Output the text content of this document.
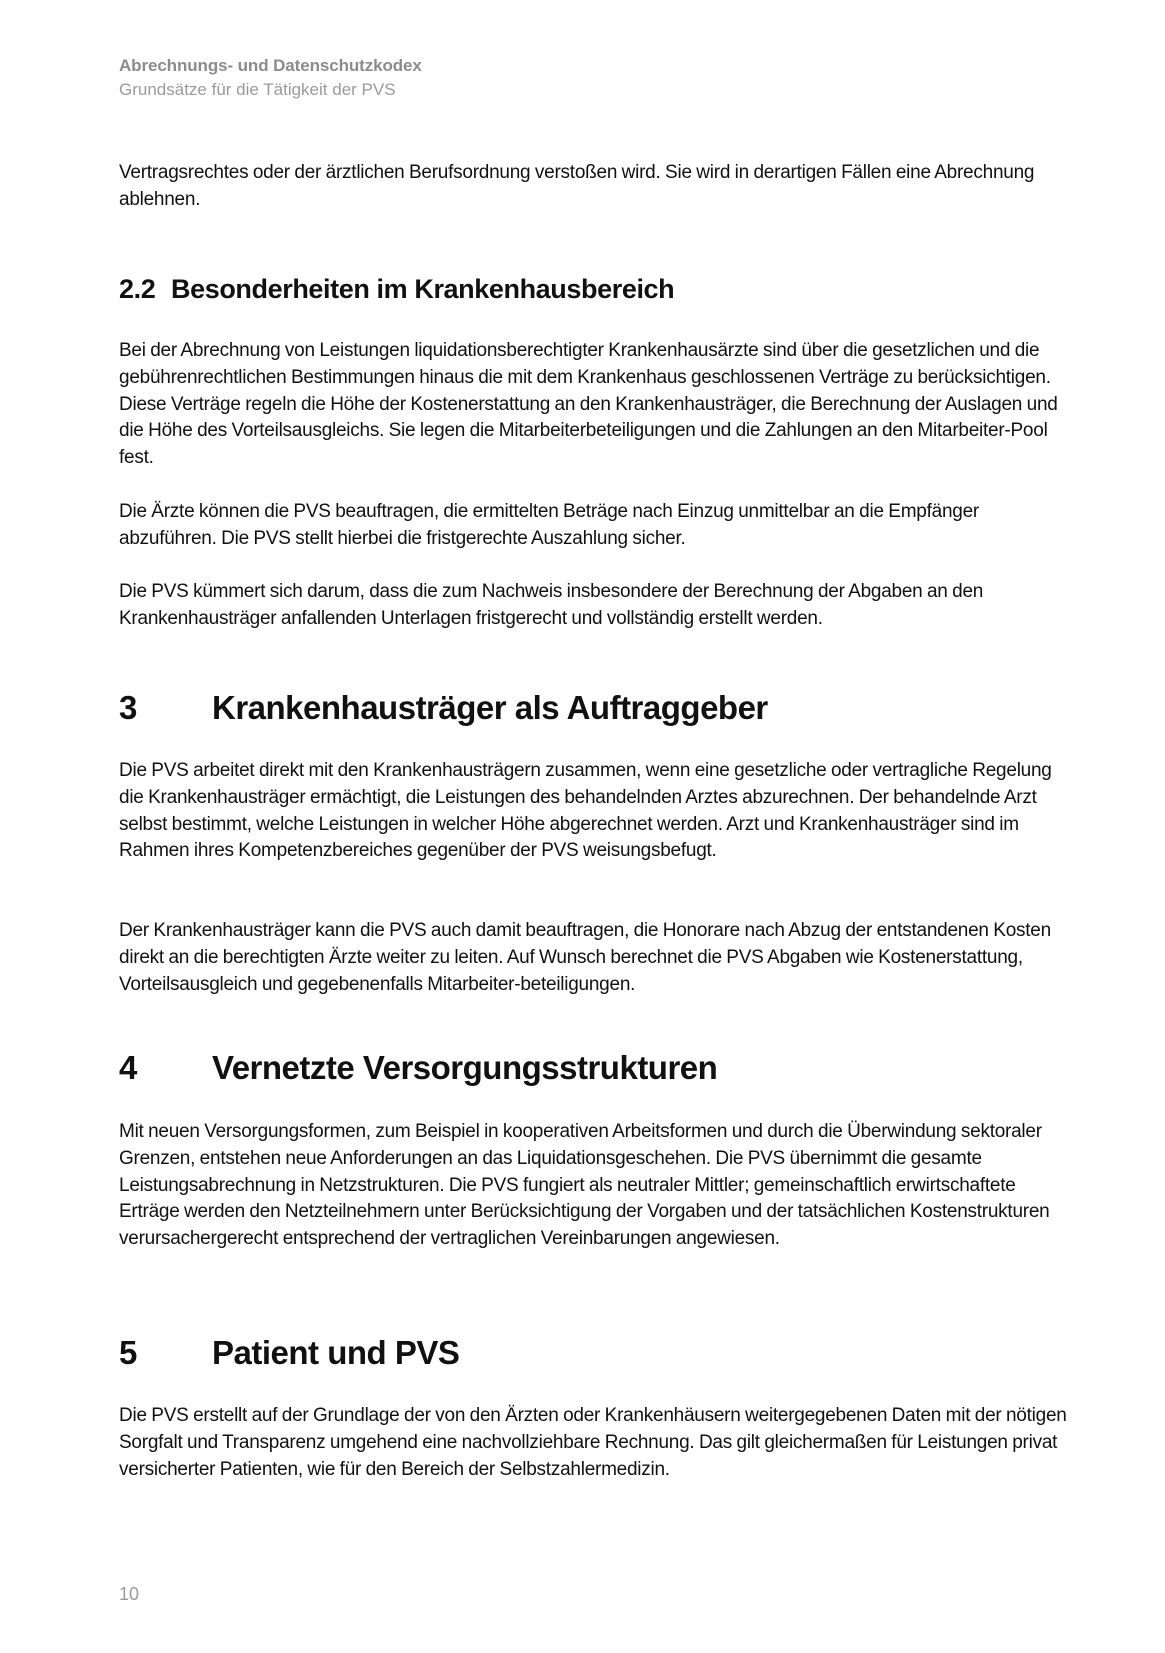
Abrechnungs- und Datenschutzkodex
Grundsätze für die Tätigkeit der PVS

Vertragsrechtes oder der ärztlichen Berufsordnung verstoßen wird. Sie wird in derartigen Fällen eine Abrechnung ablehnen.

2.2 Besonderheiten im Krankenhausbereich

Bei der Abrechnung von Leistungen liquidationsberechtigter Krankenhausärzte sind über die gesetzlichen und die gebührenrechtlichen Bestimmungen hinaus die mit dem Krankenhaus geschlossenen Verträge zu berücksichtigen. Diese Verträge regeln die Höhe der Kostenerstattung an den Krankenhausträger, die Berechnung der Auslagen und die Höhe des Vorteilsausgleichs. Sie legen die Mitarbeiterbeteiligungen und die Zahlungen an den Mitarbeiter-Pool fest.

Die Ärzte können die PVS beauftragen, die ermittelten Beträge nach Einzug unmittelbar an die Empfänger abzuführen. Die PVS stellt hierbei die fristgerechte Auszahlung sicher.

Die PVS kümmert sich darum, dass die zum Nachweis insbesondere der Berechnung der Abgaben an den Krankenhausträger anfallenden Unterlagen fristgerecht und vollständig erstellt werden.

3 Krankenhausträger als Auftraggeber

Die PVS arbeitet direkt mit den Krankenhausträgern zusammen, wenn eine gesetzliche oder vertragliche Regelung die Krankenhausträger ermächtigt, die Leistungen des behandelnden Arztes abzurechnen. Der behandelnde Arzt selbst bestimmt, welche Leistungen in welcher Höhe abgerechnet werden. Arzt und Krankenhausträger sind im Rahmen ihres Kompetenzbereiches gegenüber der PVS weisungsbefugt.

Der Krankenhausträger kann die PVS auch damit beauftragen, die Honorare nach Abzug der entstandenen Kosten direkt an die berechtigten Ärzte weiter zu leiten. Auf Wunsch berechnet die PVS Abgaben wie Kostenerstattung, Vorteilsausgleich und gegebenenfalls Mitarbeiter-beteiligungen.

4 Vernetzte Versorgungsstrukturen

Mit neuen Versorgungsformen, zum Beispiel in kooperativen Arbeitsformen und durch die Überwindung sektoraler Grenzen, entstehen neue Anforderungen an das Liquidationsgeschehen. Die PVS übernimmt die gesamte Leistungsabrechnung in Netzstrukturen. Die PVS fungiert als neutraler Mittler; gemeinschaftlich erwirtschaftete Erträge werden den Netzteilnehmern unter Berücksichtigung der Vorgaben und der tatsächlichen Kostenstrukturen verursachergerecht entsprechend der vertraglichen Vereinbarungen angewiesen.

5 Patient und PVS

Die PVS erstellt auf der Grundlage der von den Ärzten oder Krankenhäusern weitergegebenen Daten mit der nötigen Sorgfalt und Transparenz umgehend eine nachvollziehbare Rechnung. Das gilt gleichermaßen für Leistungen privat versicherter Patienten, wie für den Bereich der Selbstzahlermedizin.

10
